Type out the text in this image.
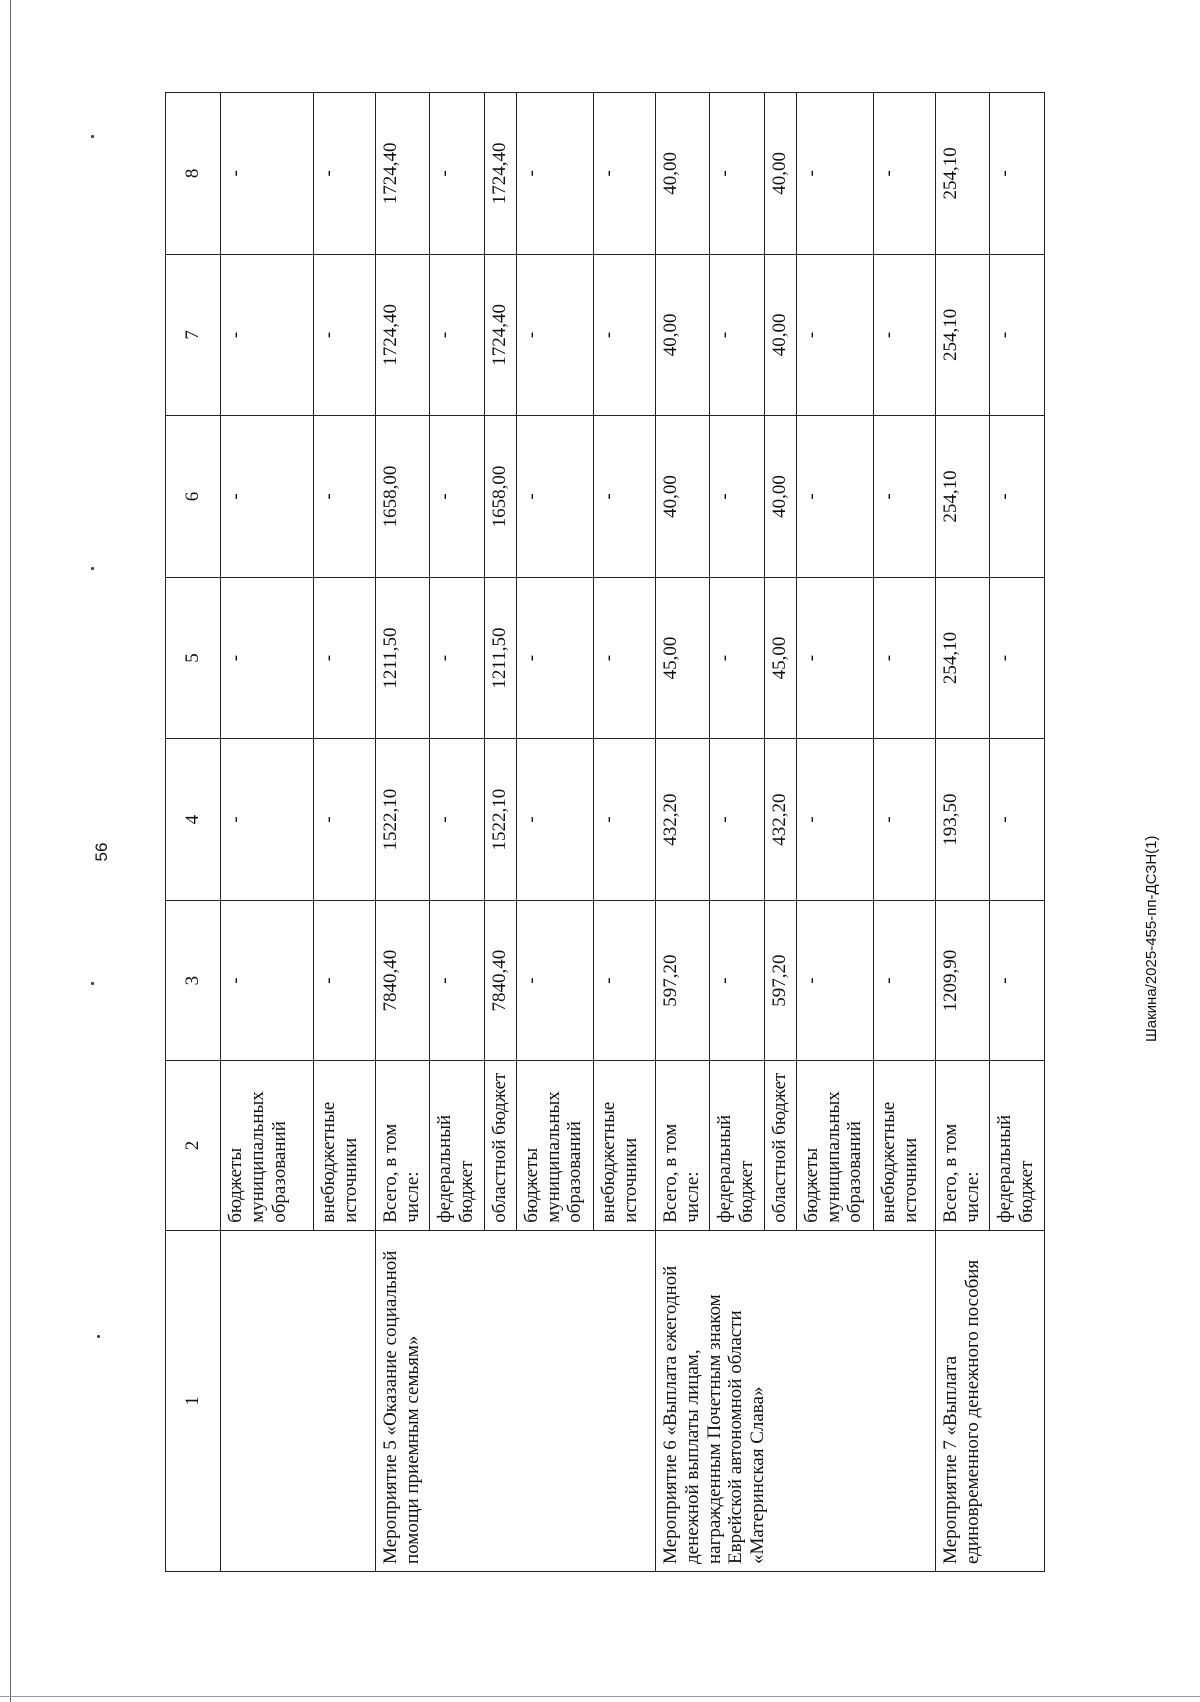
56	Шакина/2025-455-пп-ДСЗН(1)
1	2	3	4	5	6	7	8
	бюджеты муниципальных образований	-	-	-	-	-	-
	внебюджетные источники	-	-	-	-	-	-
Мероприятие 5 «Оказание социальной помощи приемным семьям»	Всего, в том числе:	7840,40	1522,10	1211,50	1658,00	1724,40	1724,40
	федеральный бюджет	-	-	-	-	-	-
	областной бюджет	7840,40	1522,10	1211,50	1658,00	1724,40	1724,40
	бюджеты муниципальных образований	-	-	-	-	-	-
	внебюджетные источники	-	-	-	-	-	-
Мероприятие 6 «Выплата ежегодной денежной выплаты лицам, награжденным Почетным знаком Еврейской автономной области «Материнская Слава»	Всего, в том числе:	597,20	432,20	45,00	40,00	40,00	40,00
	федеральный бюджет	-	-	-	-	-	-
	областной бюджет	597,20	432,20	45,00	40,00	40,00	40,00
	бюджеты муниципальных образований	-	-	-	-	-	-
	внебюджетные источники	-	-	-	-	-	-
Мероприятие 7 «Выплата единовременного денежного пособия	Всего, в том числе:	1209,90	193,50	254,10	254,10	254,10	254,10
	федеральный бюджет	-	-	-	-	-	-
